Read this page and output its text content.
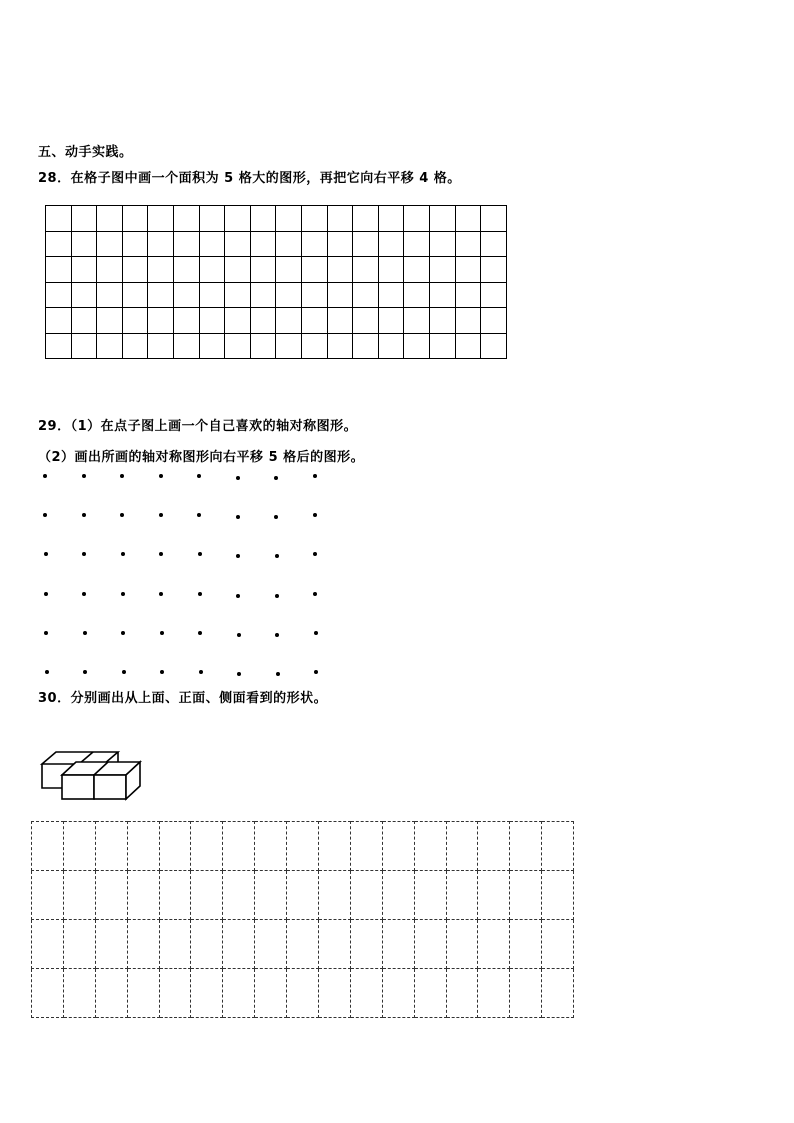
五、动手实践。
28．在格子图中画一个面积为 5 格大的图形，再把它向右平移 4 格。

29．（1）在点子图上画一个自己喜欢的轴对称图形。
（2）画出所画的轴对称图形向右平移 5 格后的图形。
30．分别画出从上面、正面、侧面看到的形状。
